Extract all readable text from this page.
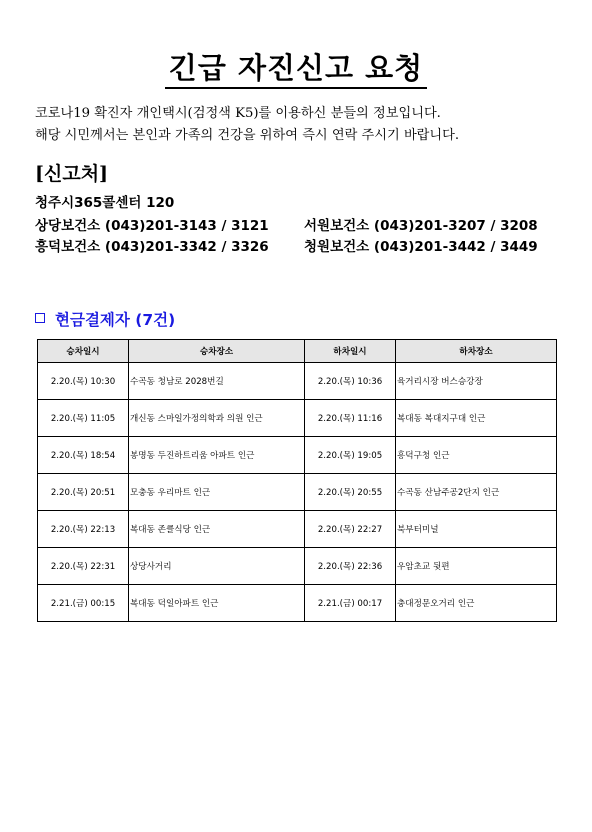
긴급 자진신고 요청
코로나19 확진자 개인택시(검정색 K5)를 이용하신 분들의 정보입니다.
해당 시민께서는 본인과 가족의 건강을 위하여 즉시 연락 주시기 바랍니다.
[신고처]
청주시365콜센터 120
상당보건소 (043)201-3143 / 3121	서원보건소 (043)201-3207 / 3208
흥덕보건소 (043)201-3342 / 3326	청원보건소 (043)201-3442 / 3449
현금결제자 (7건)
승차일시	승차장소	하차일시	하차장소
2.20.(목) 10:30	수곡동 청남로 2028번길	2.20.(목) 10:36	육거리시장 버스승강장
2.20.(목) 11:05	개신동 스마일가정의학과 의원 인근	2.20.(목) 11:16	복대동 복대지구대 인근
2.20.(목) 18:54	봉명동 두진하트리움 아파트 인근	2.20.(목) 19:05	흥덕구청 인근
2.20.(목) 20:51	모충동 우리마트 인근	2.20.(목) 20:55	수곡동 산남주공2단지 인근
2.20.(목) 22:13	복대동 존클식당 인근	2.20.(목) 22:27	북부터미널
2.20.(목) 22:31	상당사거리	2.20.(목) 22:36	우암초교 뒷편
2.21.(금) 00:15	복대동 덕일아파트 인근	2.21.(금) 00:17	충대정문오거리 인근
